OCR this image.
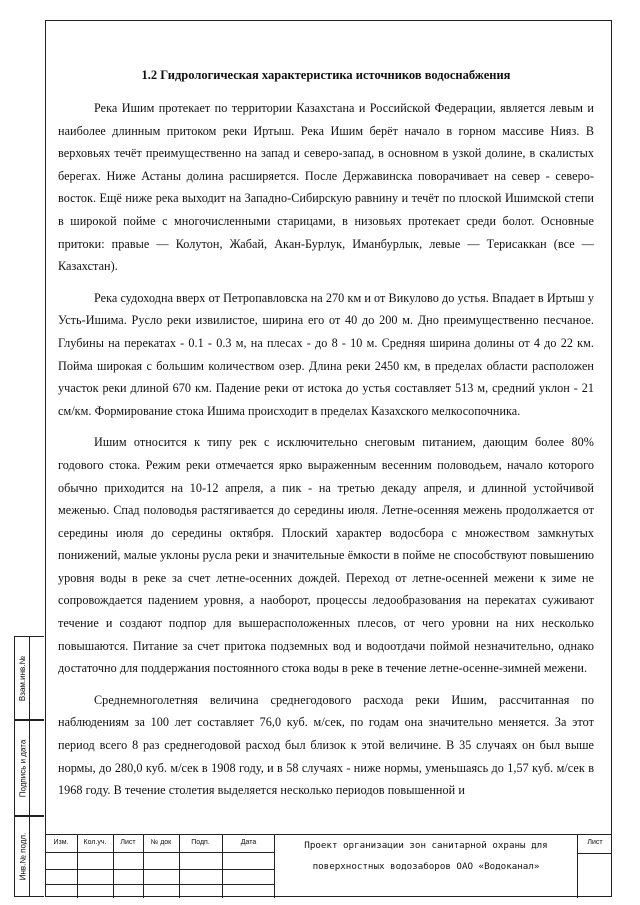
1.2 Гидрологическая характеристика источников водоснабжения

Река Ишим протекает по территории Казахстана и Российской Федерации, является левым и наиболее длинным притоком реки Иртыш. Река Ишим берёт начало в горном массиве Нияз. В верховьях течёт преимущественно на запад и северо-запад, в основном в узкой долине, в скалистых берегах. Ниже Астаны долина расширяется. После Державинска поворачивает на север - северо-восток. Ещё ниже река выходит на Западно-Сибирскую равнину и течёт по плоской Ишимской степи в широкой пойме с многочисленными старицами, в низовьях протекает среди болот. Основные притоки: правые — Колутон, Жабай, Акан-Бурлук, Иманбурлык, левые — Терисаккан (все — Казахстан).

Река судоходна вверх от Петропавловска на 270 км и от Викулово до устья. Впадает в Иртыш у Усть-Ишима. Русло реки извилистое, ширина его от 40 до 200 м. Дно преимущественно песчаное. Глубины на перекатах - 0.1 - 0.3 м, на плесах - до 8 - 10 м. Средняя ширина долины от 4 до 22 км. Пойма широкая с большим количеством озер. Длина реки 2450 км, в пределах области расположен участок реки длиной 670 км. Падение реки от истока до устья составляет 513 м, средний уклон - 21 см/км. Формирование стока Ишима происходит в пределах Казахского мелкосопочника.

Ишим относится к типу рек с исключительно снеговым питанием, дающим более 80% годового стока. Режим реки отмечается ярко выраженным весенним половодьем, начало которого обычно приходится на 10-12 апреля, а пик - на третью декаду апреля, и длинной устойчивой меженью. Спад половодья растягивается до середины июля. Летне-осенняя межень продолжается от середины июля до середины октября. Плоский характер водосбора с множеством замкнутых понижений, малые уклоны русла реки и значительные ёмкости в пойме не способствуют повышению уровня воды в реке за счет летне-осенних дождей. Переход от летне-осенней межени к зиме не сопровождается падением уровня, а наоборот, процессы ледообразования на перекатах суживают течение и создают подпор для вышерасположенных плесов, от чего уровни на них несколько повышаются. Питание за счет притока подземных вод и водоотдачи поймой незначительно, однако достаточно для поддержания постоянного стока воды в реке в течение летне-осенне-зимней межени.

Среднемноголетняя величина среднегодового расхода реки Ишим, рассчитанная по наблюдениям за 100 лет составляет 76,0 куб. м/сек, по годам она значительно меняется. За этот период всего 8 раз среднегодовой расход был близок к этой величине. В 35 случаях он был выше нормы, до 280,0 куб. м/сек в 1908 году, и в 58 случаях - ниже нормы, уменьшаясь до 1,57 куб. м/сек в 1968 году. В течение столетия выделяется несколько периодов повышенной и

Взам.инв.№
Подпись и дата
Инв.№ подл.	Изм.	Кол.уч.	Лист	№ док	Подп.	Дата	Проект организации зон санитарной охраны для
поверхностных водозаборов ОАО «Водоканал»
Лист
